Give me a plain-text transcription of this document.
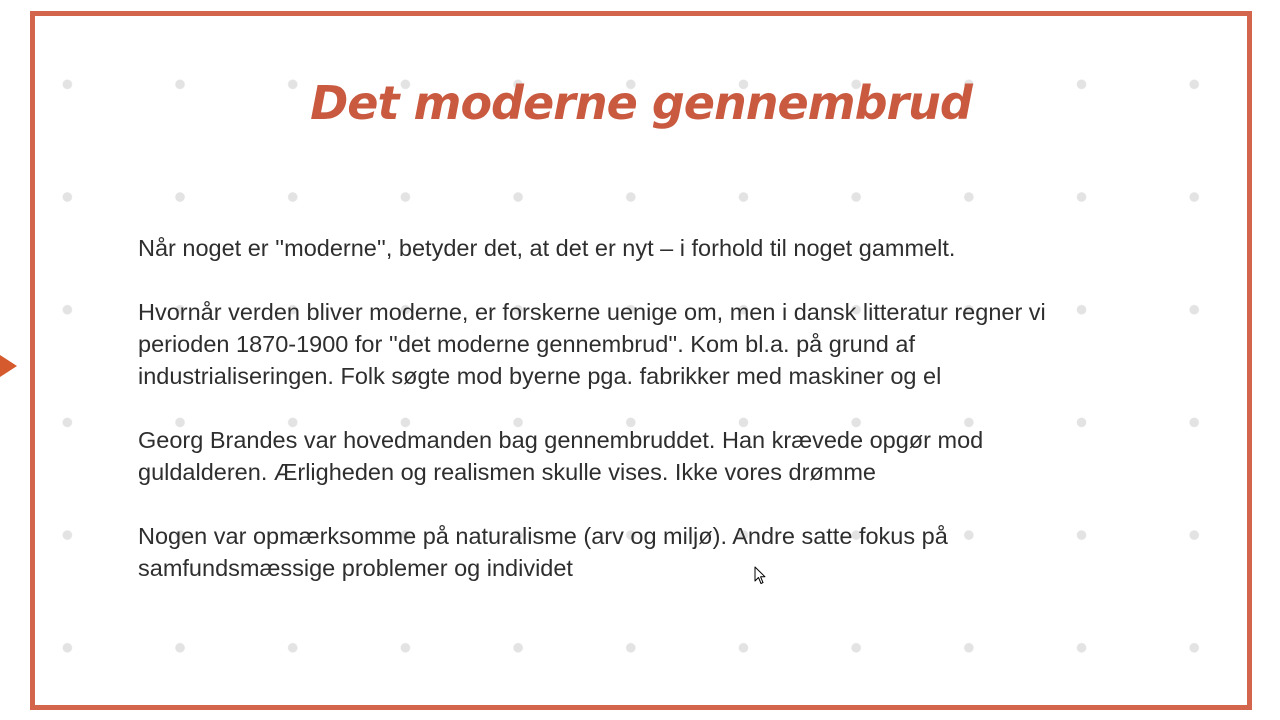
Det moderne gennembrud

Når noget er ''moderne'', betyder det, at det er nyt – i forhold til noget gammelt.

Hvornår verden bliver moderne, er forskerne uenige om, men i dansk litteratur regner vi perioden 1870-1900 for ''det moderne gennembrud''. Kom bl.a. på grund af industrialiseringen. Folk søgte mod byerne pga. fabrikker med maskiner og el

Georg Brandes var hovedmanden bag gennembruddet. Han krævede opgør mod guldalderen. Ærligheden og realismen skulle vises. Ikke vores drømme

Nogen var opmærksomme på naturalisme (arv og miljø). Andre satte fokus på samfundsmæssige problemer og individet
